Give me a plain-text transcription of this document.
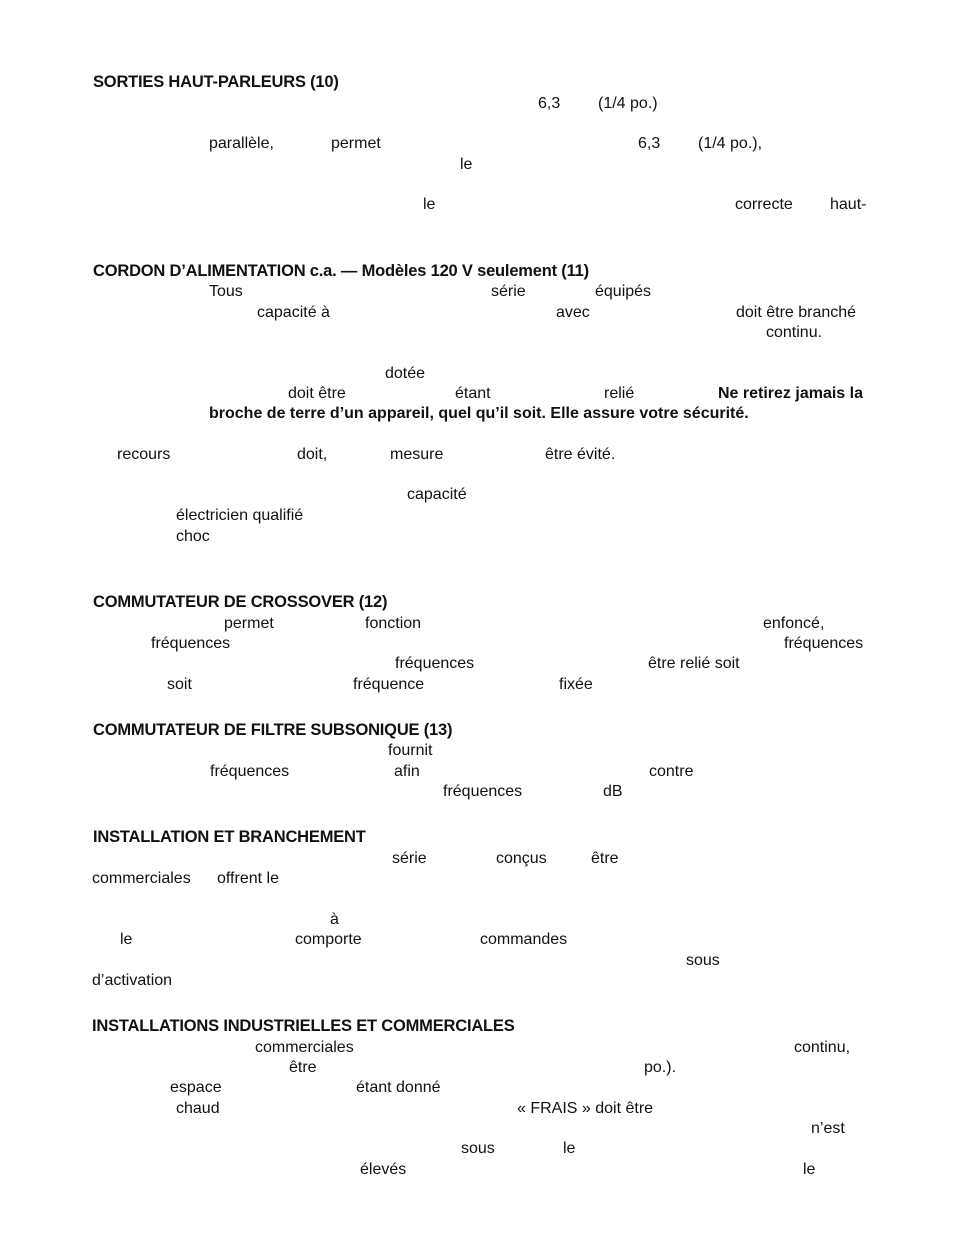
SORTIES HAUT-PARLEURS (10)
6,3 (1/4 po.)
parallèle,	permet	6,3 (1/4 po.),
le
le	correcte haut-
CORDON D’ALIMENTATION c.a. — Modèles 120 V seulement (11)
Tous	série	équipés
capacité à	avec	doit être branché
continu.
dotée
doit être	étant	relié	Ne retirez jamais la
broche de terre d’un appareil, quel qu’il soit. Elle assure votre sécurité.
recours	doit,	mesure	être évité.
capacité
électricien qualifié
choc
COMMUTATEUR DE CROSSOVER (12)
permet	fonction	enfoncé,
fréquences	fréquences
fréquences	être relié soit
soit	fréquence	fixée
COMMUTATEUR DE FILTRE SUBSONIQUE (13)
fournit
fréquences	afin	contre
fréquences	dB
INSTALLATION ET BRANCHEMENT
série	conçus	être
commerciales offrent le
à
le	comporte	commandes
sous
d’activation
INSTALLATIONS INDUSTRIELLES ET COMMERCIALES
commerciales	continu,
être	po.).
espace	étant donné
chaud	« FRAIS » doit être
n’est
sous	le
élevés	le
